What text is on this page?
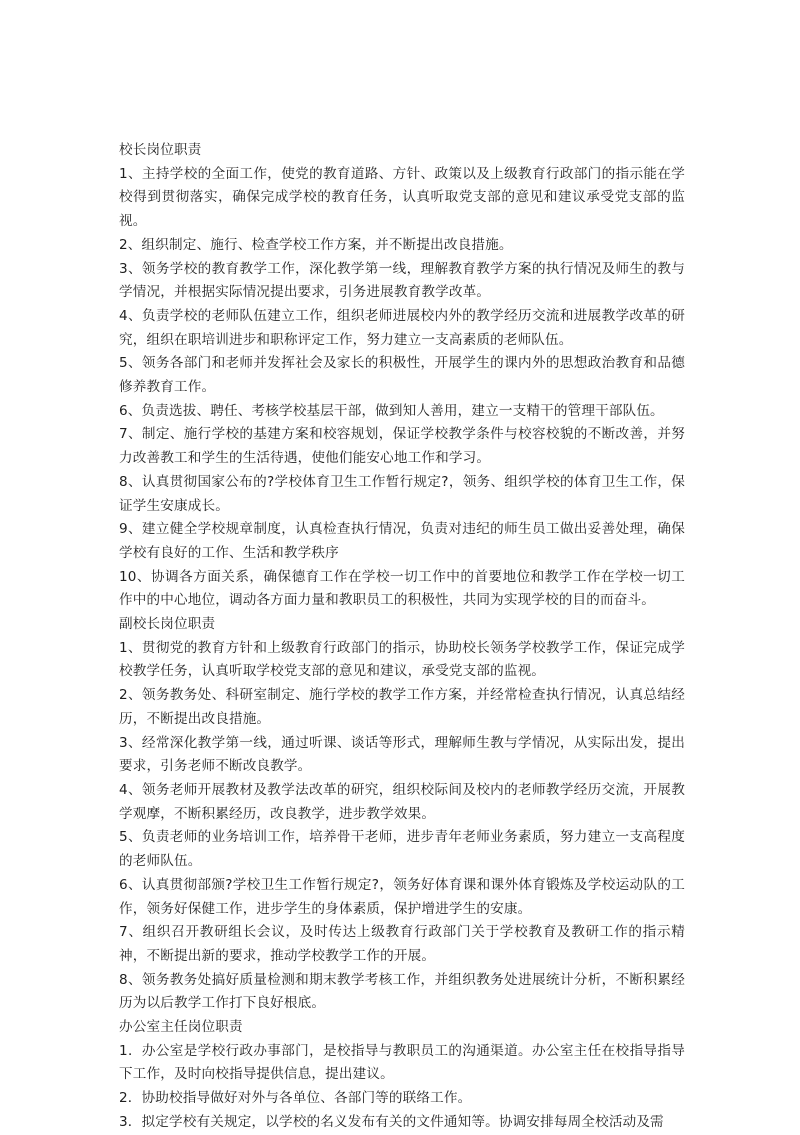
校长岗位职责

1、主持学校的全面工作，使党的教育道路、方针、政策以及上级教育行政部门的指示能在学校得到贯彻落实，确保完成学校的教育任务，认真听取党支部的意见和建议承受党支部的监视。

2、组织制定、施行、检查学校工作方案，并不断提出改良措施。

3、领务学校的教育教学工作，深化教学第一线，理解教育教学方案的执行情况及师生的教与学情况，并根据实际情况提出要求，引务进展教育教学改革。

4、负责学校的老师队伍建立工作，组织老师进展校内外的教学经历交流和进展教学改革的研究，组织在职培训进步和职称评定工作，努力建立一支高素质的老师队伍。

5、领务各部门和老师并发挥社会及家长的积极性，开展学生的课内外的思想政治教育和品德修养教育工作。

6、负责选拔、聘任、考核学校基层干部，做到知人善用，建立一支精干的管理干部队伍。

7、制定、施行学校的基建方案和校容规划，保证学校教学条件与校容校貌的不断改善，并努力改善教工和学生的生活待遇，使他们能安心地工作和学习。

8、认真贯彻国家公布的?学校体育卫生工作暂行规定?，领务、组织学校的体育卫生工作，保证学生安康成长。

9、建立健全学校规章制度，认真检查执行情况，负责对违纪的师生员工做出妥善处理，确保学校有良好的工作、生活和教学秩序

10、协调各方面关系，确保德育工作在学校一切工作中的首要地位和教学工作在学校一切工作中的中心地位，调动各方面力量和教职员工的积极性，共同为实现学校的目的而奋斗。

副校长岗位职责

1、贯彻党的教育方针和上级教育行政部门的指示，协助校长领务学校教学工作，保证完成学校教学任务，认真听取学校党支部的意见和建议，承受党支部的监视。

2、领务教务处、科研室制定、施行学校的教学工作方案，并经常检查执行情况，认真总结经历，不断提出改良措施。

3、经常深化教学第一线，通过听课、谈话等形式，理解师生教与学情况，从实际出发，提出要求，引务老师不断改良教学。

4、领务老师开展教材及教学法改革的研究，组织校际间及校内的老师教学经历交流，开展教学观摩，不断积累经历，改良教学，进步教学效果。

5、负责老师的业务培训工作，培养骨干老师，进步青年老师业务素质，努力建立一支高程度的老师队伍。

6、认真贯彻部颁?学校卫生工作暂行规定?，领务好体育课和课外体育锻炼及学校运动队的工作，领务好保健工作，进步学生的身体素质，保护增进学生的安康。

7、组织召开教研组长会议，及时传达上级教育行政部门关于学校教育及教研工作的指示精神，不断提出新的要求，推动学校教学工作的开展。

8、领务教务处搞好质量检测和期末教学考核工作，并组织教务处进展统计分析，不断积累经历为以后教学工作打下良好根底。

办公室主任岗位职责

1．办公室是学校行政办事部门，是校指导与教职员工的沟通渠道。办公室主任在校指导指导下工作，及时向校指导提供信息，提出建议。

2．协助校指导做好对外与各单位、各部门等的联络工作。

3．拟定学校有关规定，以学校的名义发布有关的文件通知等。协调安排每周全校活动及需
